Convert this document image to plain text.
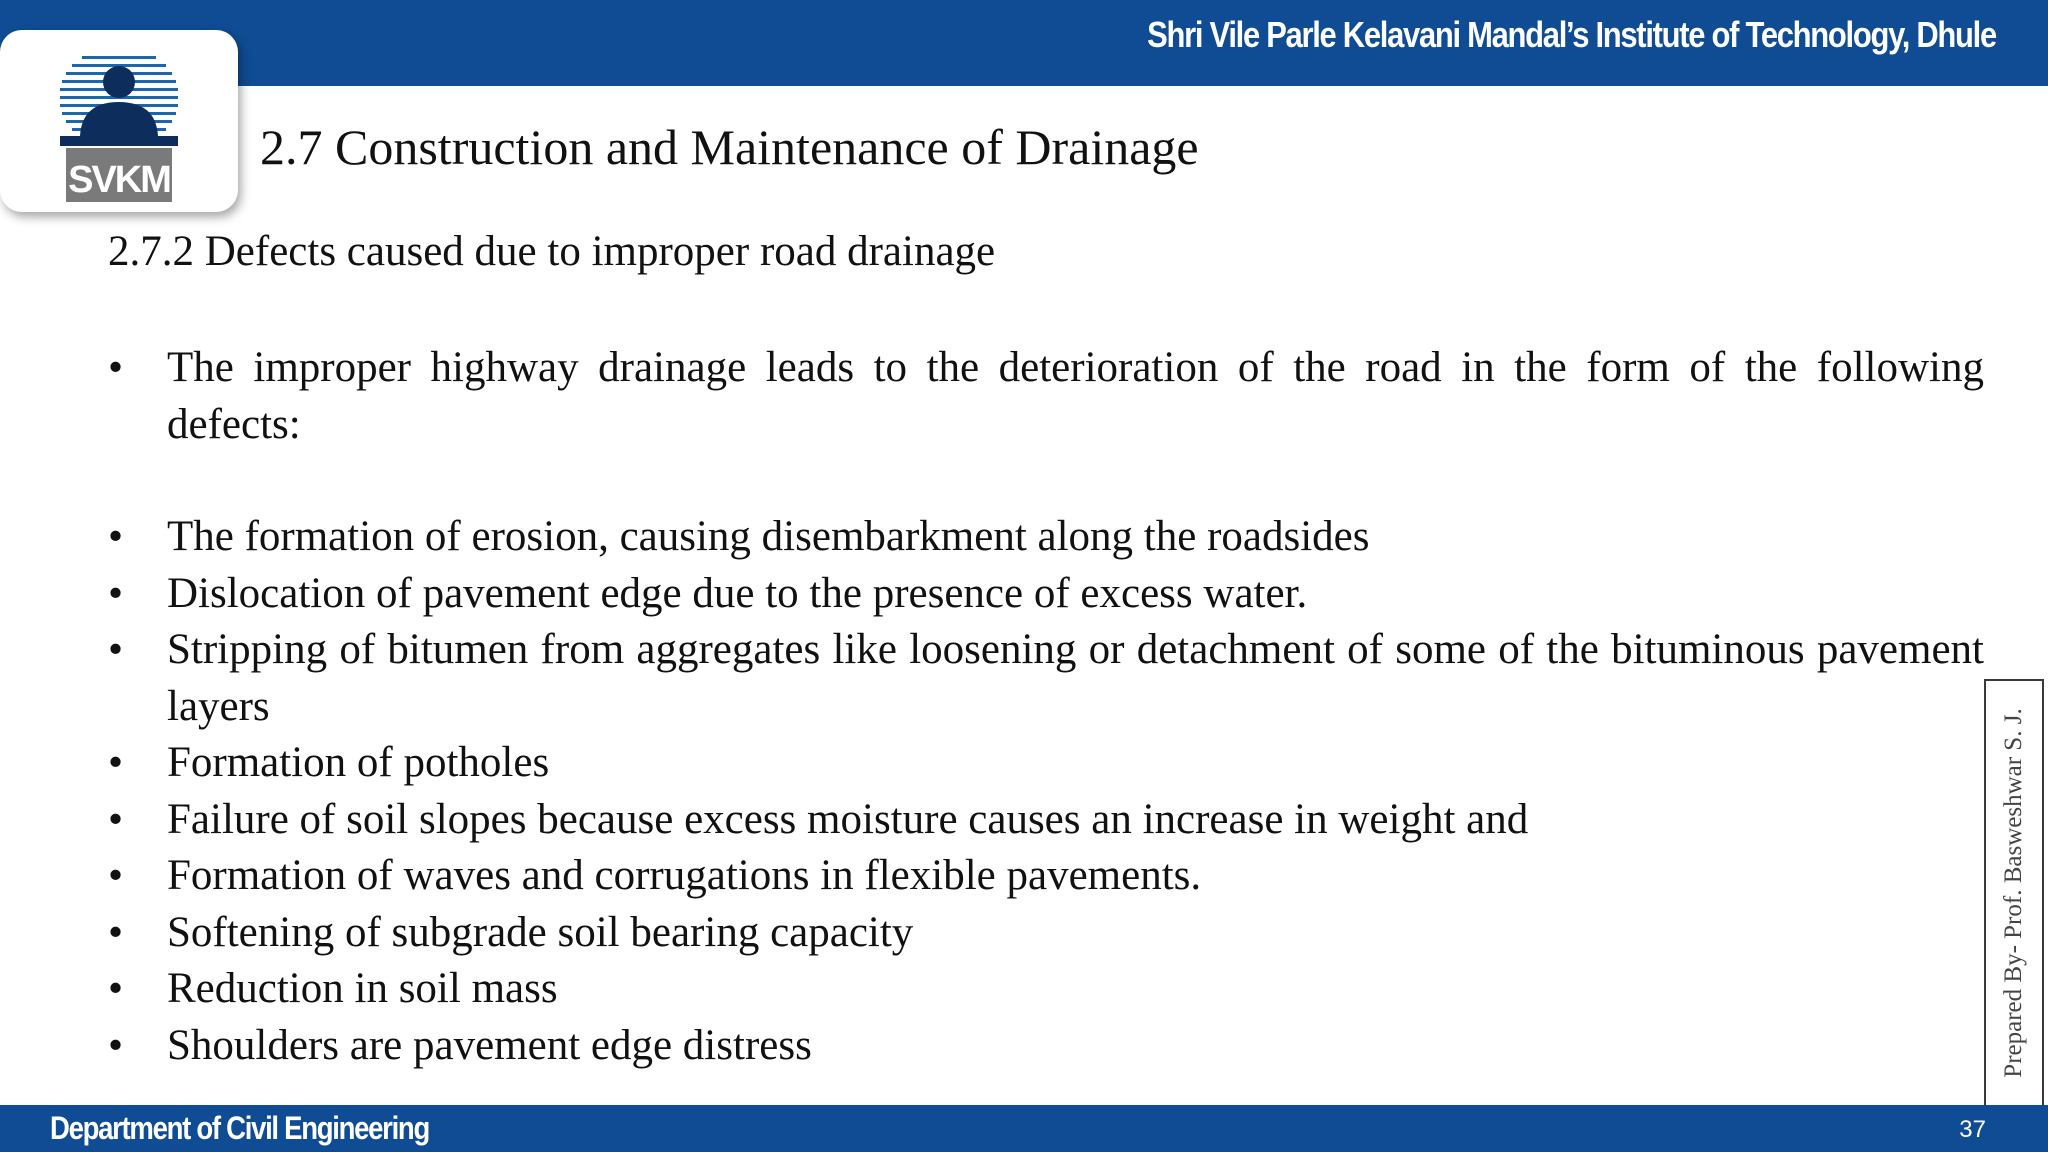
Shri Vile Parle Kelavani Mandal’s Institute of Technology, Dhule
SVKM
2.7 Construction and Maintenance of Drainage
2.7.2 Defects caused due to improper road drainage
• The improper highway drainage leads to the deterioration of the road in the form of the following defects:
• The formation of erosion, causing disembarkment along the roadsides
• Dislocation of pavement edge due to the presence of excess water.
• Stripping of bitumen from aggregates like loosening or detachment of some of the bituminous pavement layers
• Formation of potholes
• Failure of soil slopes because excess moisture causes an increase in weight and
• Formation of waves and corrugations in flexible pavements.
• Softening of subgrade soil bearing capacity
• Reduction in soil mass
• Shoulders are pavement edge distress	Prepared By- Prof. Basweshwar S. J.
Department of Civil Engineering	37
